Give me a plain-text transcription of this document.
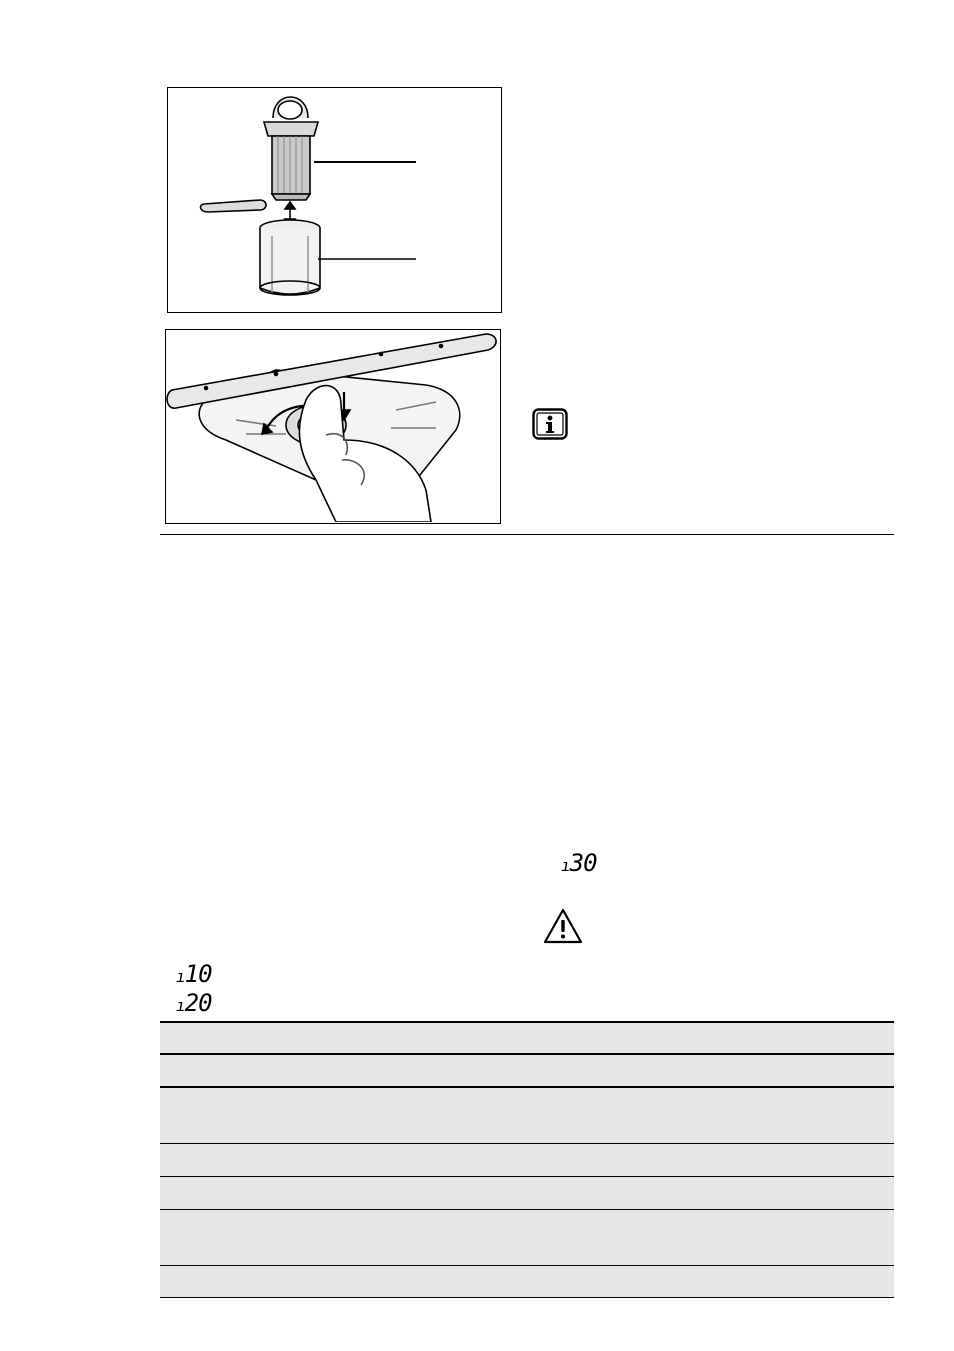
ı30
ı10
ı20
